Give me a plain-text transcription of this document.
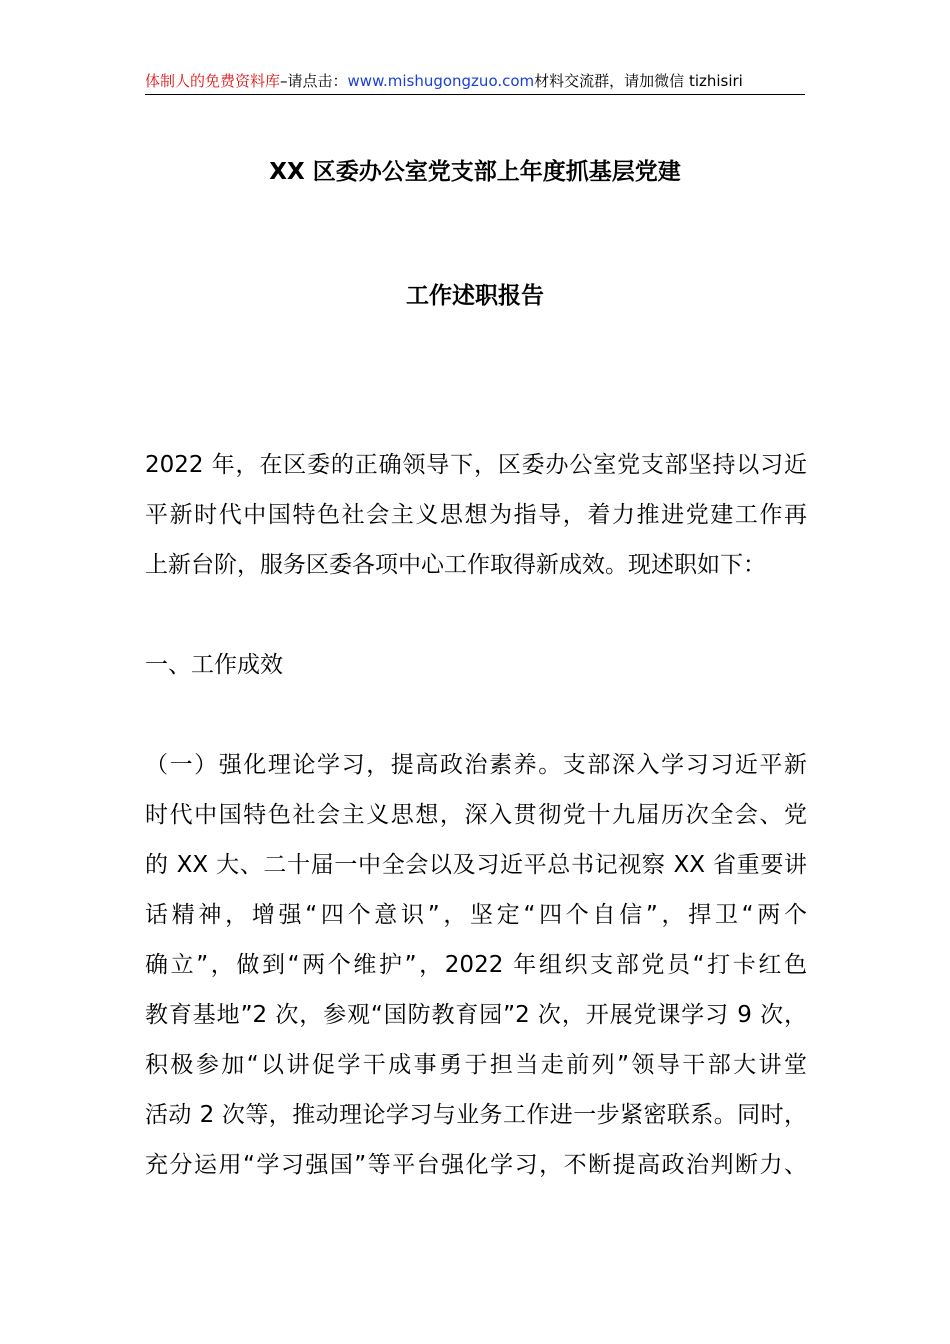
体制人的免费资料库–请点击：www.mishugongzuo.com材料交流群，请加微信 tizhisiri
XX 区委办公室党支部上年度抓基层党建
工作述职报告
2022 年，在区委的正确领导下，区委办公室党支部坚持以习近
平新时代中国特色社会主义思想为指导，着力推进党建工作再
上新台阶，服务区委各项中心工作取得新成效。现述职如下：
一、工作成效
（一）强化理论学习，提高政治素养。支部深入学习习近平新
时代中国特色社会主义思想，深入贯彻党十九届历次全会、党
的 XX 大、二十届一中全会以及习近平总书记视察 XX 省重要讲
话精神，增强“四个意识”，坚定“四个自信”，捍卫“两个
确立”，做到“两个维护”，2022 年组织支部党员“打卡红色
教育基地”2 次，参观“国防教育园”2 次，开展党课学习 9 次，
积极参加“以讲促学干成事勇于担当走前列”领导干部大讲堂
活动 2 次等，推动理论学习与业务工作进一步紧密联系。同时，
充分运用“学习强国”等平台强化学习，不断提高政治判断力、
